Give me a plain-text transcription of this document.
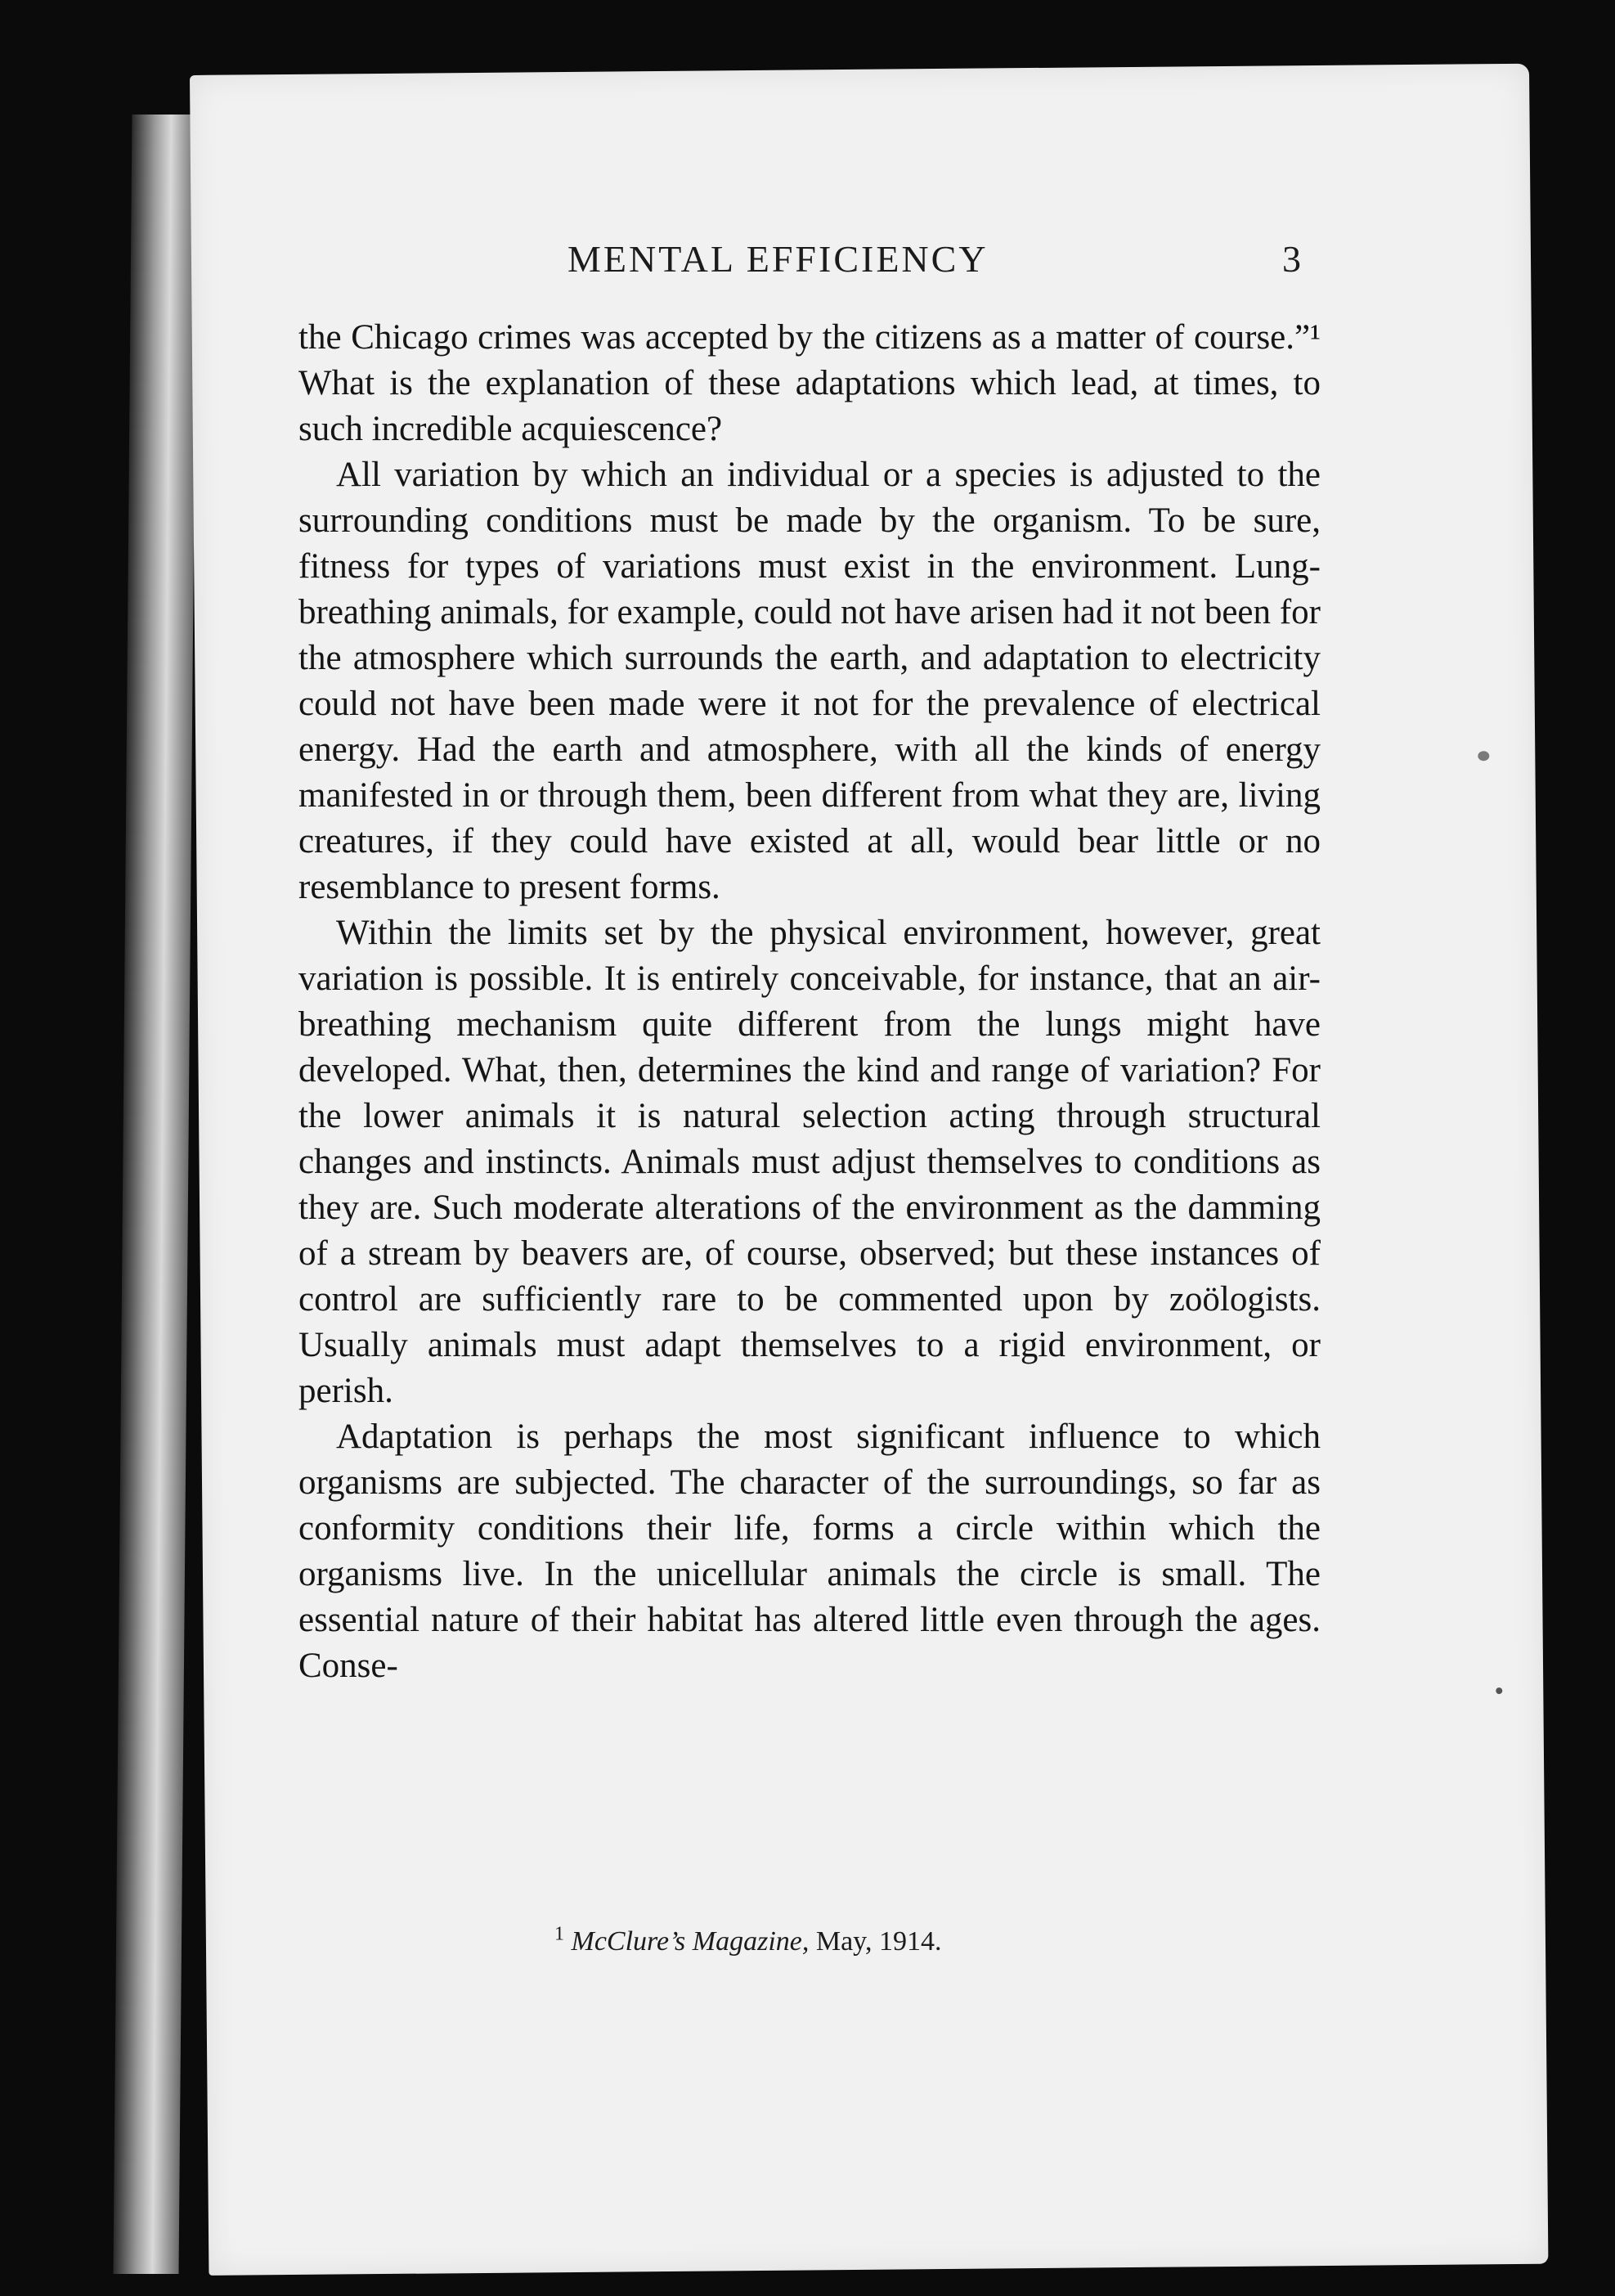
MENTAL EFFICIENCY	3

the Chicago crimes was accepted by the citizens as a matter of course.”¹ What is the explanation of these adaptations which lead, at times, to such incredible acquiescence?

All variation by which an individual or a species is adjusted to the surrounding conditions must be made by the organism. To be sure, fitness for types of variations must exist in the environment. Lung-breathing animals, for example, could not have arisen had it not been for the atmosphere which surrounds the earth, and adaptation to electricity could not have been made were it not for the prevalence of electrical energy. Had the earth and atmosphere, with all the kinds of energy manifested in or through them, been different from what they are, living creatures, if they could have existed at all, would bear little or no resemblance to present forms.

Within the limits set by the physical environment, however, great variation is possible. It is entirely conceivable, for instance, that an air-breathing mechanism quite different from the lungs might have developed. What, then, determines the kind and range of variation? For the lower animals it is natural selection acting through structural changes and instincts. Animals must adjust themselves to conditions as they are. Such moderate alterations of the environment as the damming of a stream by beavers are, of course, observed; but these instances of control are sufficiently rare to be commented upon by zoölogists. Usually animals must adapt themselves to a rigid environment, or perish.

Adaptation is perhaps the most significant influence to which organisms are subjected. The character of the surroundings, so far as conformity conditions their life, forms a circle within which the organisms live. In the unicellular animals the circle is small. The essential nature of their habitat has altered little even through the ages. Conse-

$^1$ McClure’s Magazine, May, 1914.
